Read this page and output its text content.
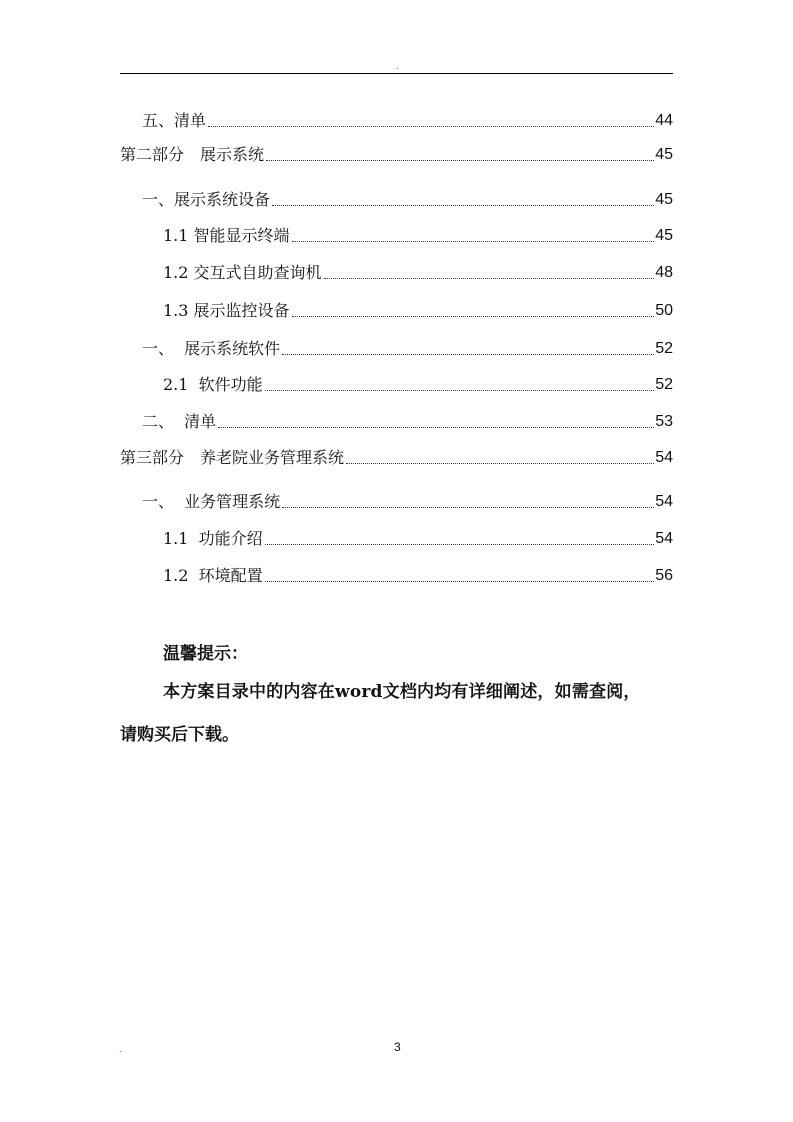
.
五、清单	44
第二部分　展示系统	45
一、展示系统设备	45
1.1 智能显示终端	45
1.2 交互式自助查询机	48
1.3 展示监控设备	50
一、  展示系统软件	52
2.1  软件功能	52
二、  清单	53
第三部分　养老院业务管理系统	54
一、  业务管理系统	54
1.1  功能介绍	54
1.2  环境配置	56
温馨提示：
本方案目录中的内容在word文档内均有详细阐述，如需查阅，
请购买后下载。
.	3
